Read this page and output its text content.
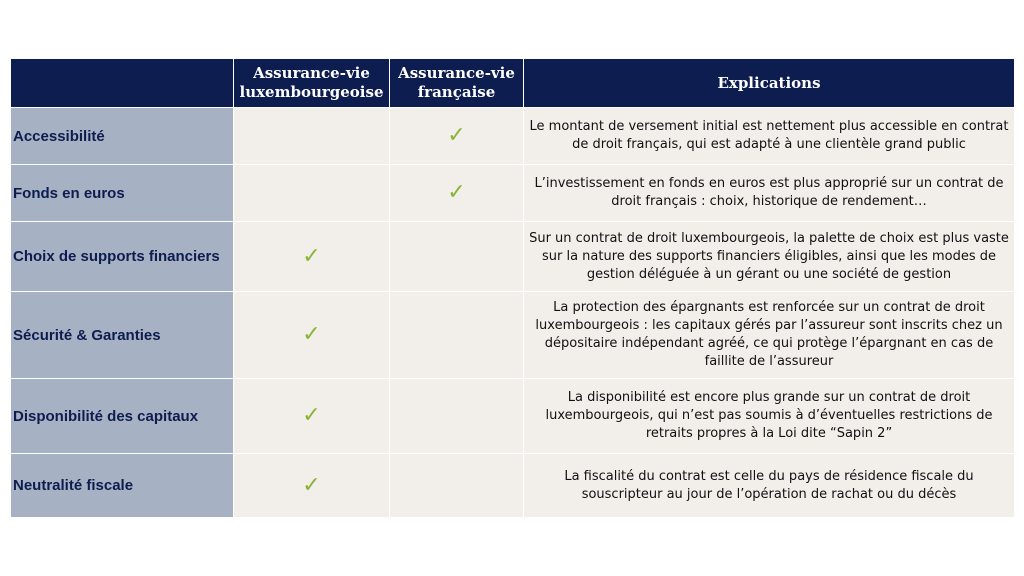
	Assurance-vie luxembourgeoise	Assurance-vie française	Explications
Accessibilité		✓	Le montant de versement initial est nettement plus accessible en contrat de droit français, qui est adapté à une clientèle grand public
Fonds en euros		✓	L’investissement en fonds en euros est plus approprié sur un contrat de droit français : choix, historique de rendement…
Choix de supports financiers	✓		Sur un contrat de droit luxembourgeois, la palette de choix est plus vaste sur la nature des supports financiers éligibles, ainsi que les modes de gestion déléguée à un gérant ou une société de gestion
Sécurité & Garanties	✓		La protection des épargnants est renforcée sur un contrat de droit luxembourgeois : les capitaux gérés par l’assureur sont inscrits chez un dépositaire indépendant agréé, ce qui protège l’épargnant en cas de faillite de l’assureur
Disponibilité des capitaux	✓		La disponibilité est encore plus grande sur un contrat de droit luxembourgeois, qui n’est pas soumis à d’éventuelles restrictions de retraits propres à la Loi dite “Sapin 2”
Neutralité fiscale	✓		La fiscalité du contrat est celle du pays de résidence fiscale du souscripteur au jour de l’opération de rachat ou du décès
